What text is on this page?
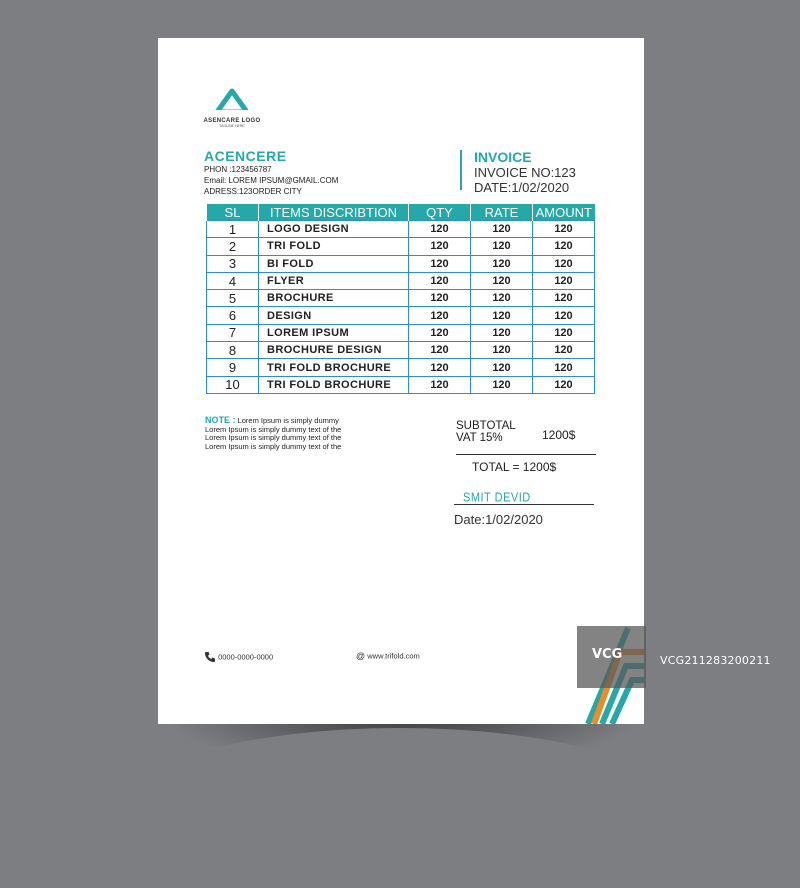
ASENCARE LOGO
TAGLINE HERE
ACENCERE
PHON :123456787
Email: LOREM IPSUM@GMAIL.COM
ADRESS:123ORDER CITY
INVOICE
INVOICE NO:123
DATE:1/02/2020
SL	ITEMS DISCRIBTION	QTY	RATE	AMOUNT
1	LOGO DESIGN	120	120	120
2	TRI FOLD	120	120	120
3	BI FOLD	120	120	120
4	FLYER	120	120	120
5	BROCHURE	120	120	120
6	DESIGN	120	120	120
7	LOREM IPSUM	120	120	120
8	BROCHURE DESIGN	120	120	120
9	TRI FOLD BROCHURE	120	120	120
10	TRI FOLD BROCHURE	120	120	120
NOTE : Lorem Ipsum is simply dummy
Lorem Ipsum is simply dummy text of the
Lorem Ipsum is simply dummy text of the
Lorem Ipsum is simply dummy text of the
SUBTOTAL
VAT 15%	1200$
TOTAL = 1200$
SMIT DEVID
Date:1/02/2020
0000-0000-0000	@ www.trifold.com	VCG	VCG211283200211
